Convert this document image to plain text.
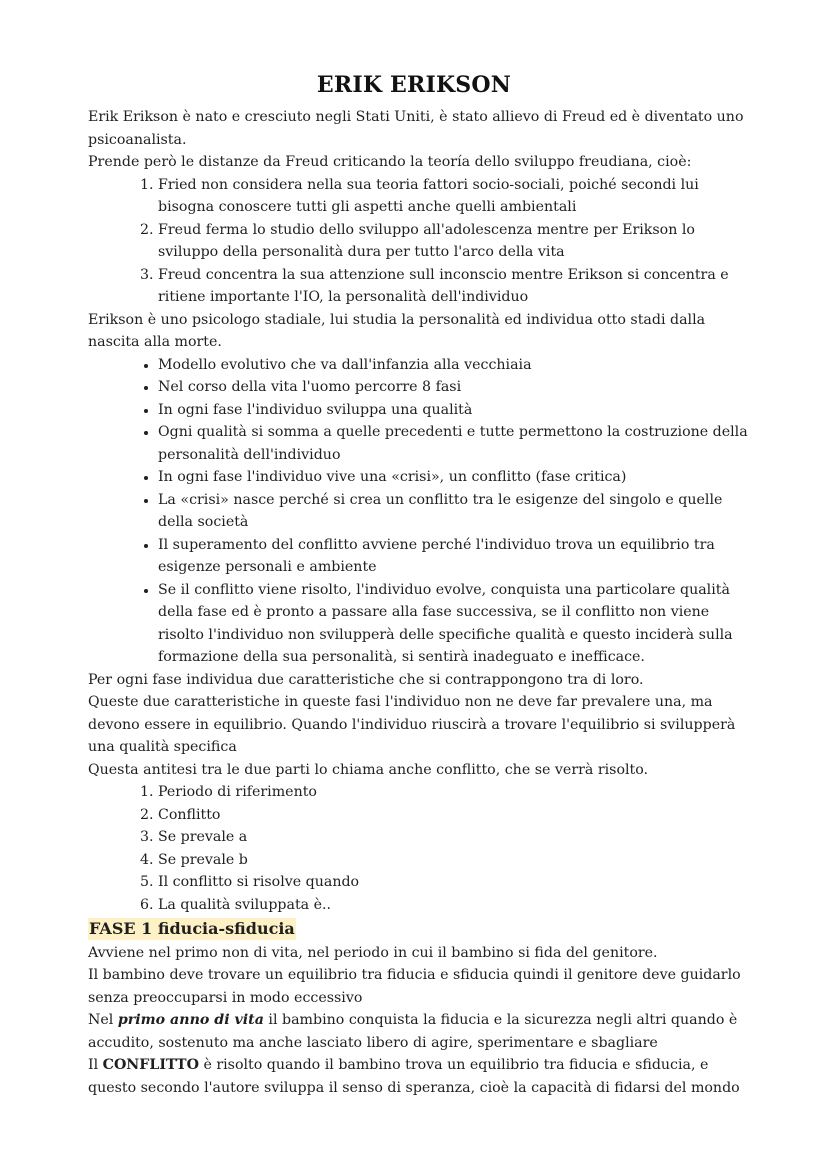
ERIK ERIKSON

Erik Erikson è nato e cresciuto negli Stati Uniti, è stato allievo di Freud ed è diventato uno psicoanalista.

Prende però le distanze da Freud criticando la teoría dello sviluppo freudiana, cioè:

1. Fried non considera nella sua teoria fattori socio-sociali, poiché secondi lui bisogna conoscere tutti gli aspetti anche quelli ambientali
2. Freud ferma lo studio dello sviluppo all'adolescenza mentre per Erikson lo sviluppo della personalità dura per tutto l'arco della vita
3. Freud concentra la sua attenzione sull inconscio mentre Erikson si concentra e ritiene importante l'IO, la personalità dell'individuo

Erikson è uno psicologo stadiale, lui studia la personalità ed individua otto stadi dalla nascita alla morte.

• Modello evolutivo che va dall'infanzia alla vecchiaia
• Nel corso della vita l'uomo percorre 8 fasi
• In ogni fase l'individuo sviluppa una qualità
• Ogni qualità si somma a quelle precedenti e tutte permettono la costruzione della personalità dell'individuo
• In ogni fase l'individuo vive una «crisi», un conflitto (fase critica)
• La «crisi» nasce perché si crea un conflitto tra le esigenze del singolo e quelle della società
• Il superamento del conflitto avviene perché l'individuo trova un equilibrio tra esigenze personali e ambiente
• Se il conflitto viene risolto, l'individuo evolve, conquista una particolare qualità della fase ed è pronto a passare alla fase successiva, se il conflitto non viene risolto l'individuo non svilupperà delle specifiche qualità e questo inciderà sulla formazione della sua personalità, si sentirà inadeguato e inefficace.

Per ogni fase individua due caratteristiche che si contrappongono tra di loro.

Queste due caratteristiche in queste fasi l'individuo non ne deve far prevalere una, ma devono essere in equilibrio. Quando l'individuo riuscirà a trovare l'equilibrio si svilupperà una qualità specifica

Questa antitesi tra le due parti lo chiama anche conflitto, che se verrà risolto.

1. Periodo di riferimento
2. Conflitto
3. Se prevale a
4. Se prevale b
5. Il conflitto si risolve quando
6. La qualità sviluppata è..
FASE 1 fiducia-sfiducia

Avviene nel primo non di vita, nel periodo in cui il bambino si fida del genitore.

Il bambino deve trovare un equilibrio tra fiducia e sfiducia quindi il genitore deve guidarlo senza preoccuparsi in modo eccessivo

Nel primo anno di vita il bambino conquista la fiducia e la sicurezza negli altri quando è accudito, sostenuto ma anche lasciato libero di agire, sperimentare e sbagliare

Il CONFLITTO è risolto quando il bambino trova un equilibrio tra fiducia e sfiducia, e questo secondo l'autore sviluppa il senso di speranza, cioè la capacità di fidarsi del mondo
